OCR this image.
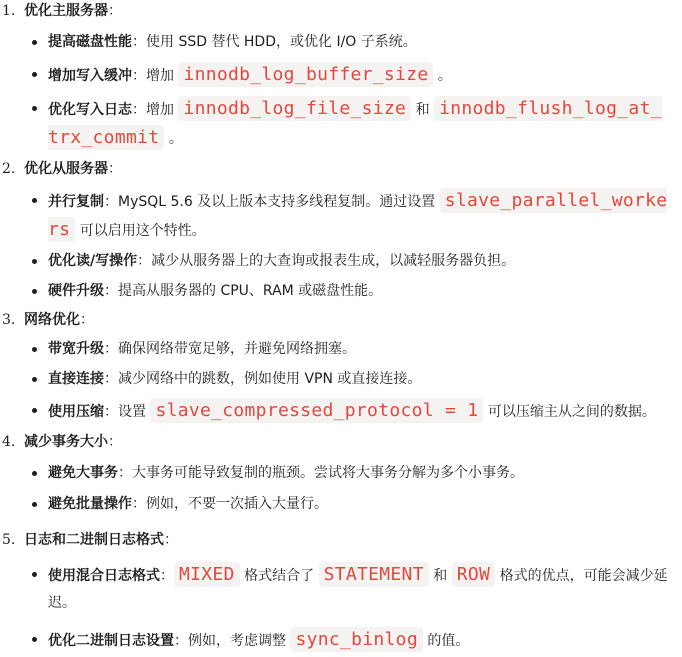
1. 优化主服务器：
提高磁盘性能：使用 SSD 替代 HDD，或优化 I/O 子系统。
增加写入缓冲：增加 innodb_log_buffer_size 。
优化写入日志：增加 innodb_log_file_size 和 innodb_flush_log_at_trx_commit 。
2. 优化从服务器：
并行复制：MySQL 5.6 及以上版本支持多线程复制。通过设置 slave_parallel_workers 可以启用这个特性。
优化读/写操作：减少从服务器上的大查询或报表生成，以减轻服务器负担。
硬件升级：提高从服务器的 CPU、RAM 或磁盘性能。
3. 网络优化：
带宽升级：确保网络带宽足够，并避免网络拥塞。
直接连接：减少网络中的跳数，例如使用 VPN 或直接连接。
使用压缩：设置 slave_compressed_protocol = 1 可以压缩主从之间的数据。
4. 减少事务大小：
避免大事务：大事务可能导致复制的瓶颈。尝试将大事务分解为多个小事务。
避免批量操作：例如，不要一次插入大量行。
5. 日志和二进制日志格式：
使用混合日志格式： MIXED 格式结合了 STATEMENT 和 ROW 格式的优点，可能会减少延迟。
优化二进制日志设置：例如，考虑调整 sync_binlog 的值。
